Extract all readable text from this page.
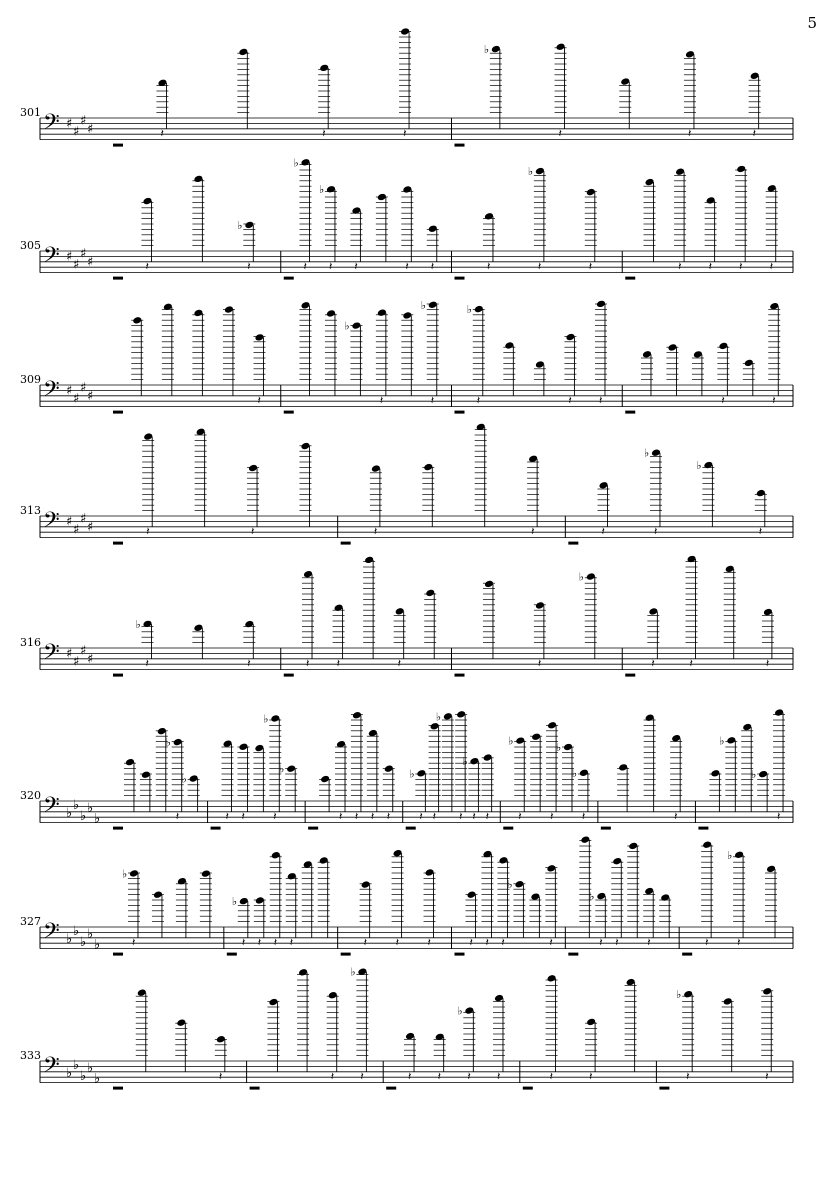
5
301 𝄢 ♯
♯
♯
♯	𝄽	𝄽	𝄽
♭
𝄽	𝄽	𝄽
305 𝄢 ♯
♯
♯
♯	𝄽
♭
𝄽
♭
𝄽
♭
𝄽 𝄽	𝄽 𝄽	𝄽
♭
𝄽	𝄽	𝄽 𝄽 𝄽 𝄽
309 𝄢 ♯
♯
♯
♯	𝄽
♭
𝄽
♭
𝄽
♭
𝄽	𝄽 𝄽	𝄽	𝄽
313 𝄢 ♯
♯
♯
♯	𝄽	𝄽	𝄽	𝄽	𝄽
♭
𝄽
♭
𝄽
316 𝄢 ♯
♯
♯
♯
♭
𝄽	𝄽	𝄽 𝄽	𝄽	𝄽
♭
𝄽	𝄽	𝄽
320 𝄢 ♭
♭
♭
♭
♭
♭
𝄽
♭
𝄽 𝄽
♭
𝄽
♭
𝄽 𝄽 𝄽 𝄽
♭
𝄽 𝄽
♭
𝄽
♭
𝄽 𝄽
♭
𝄽	𝄽
♭
♭
𝄽	𝄽
♭
♭
𝄽
327 𝄢 ♭
♭
♭
♭
♭
♭
𝄽
♭
𝄽 𝄽 𝄽 𝄽	𝄽	𝄽	𝄽	𝄽 𝄽 𝄽
♭
𝄽
♭
𝄽 𝄽	𝄽	𝄽
♭
𝄽
333 𝄢 ♭
♭
♭
♭
♭	𝄽	𝄽
♭
𝄽	𝄽 𝄽
♭
𝄽 𝄽	𝄽	𝄽
♭
𝄽	𝄽
